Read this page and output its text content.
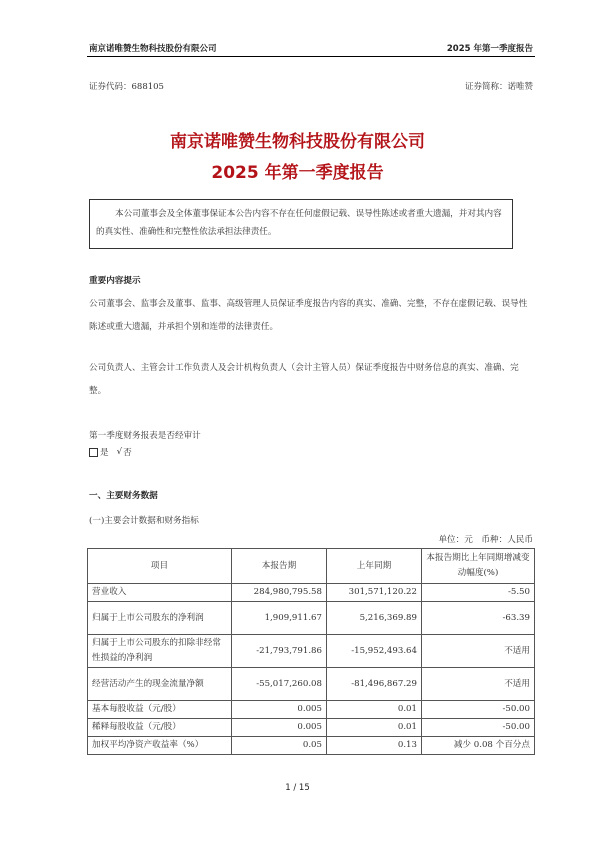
南京诺唯赞生物科技股份有限公司	2025 年第一季度报告
证券代码：688105	证券简称：诺唯赞
南京诺唯赞生物科技股份有限公司
2025 年第一季度报告
本公司董事会及全体董事保证本公告内容不存在任何虚假记载、误导性陈述或者重大遗漏，并对其内容的真实性、准确性和完整性依法承担法律责任。
重要内容提示
公司董事会、监事会及董事、监事、高级管理人员保证季度报告内容的真实、准确、完整，不存在虚假记载、误导性陈述或重大遗漏，并承担个别和连带的法律责任。
公司负责人、主管会计工作负责人及会计机构负责人（会计主管人员）保证季度报告中财务信息的真实、准确、完整。
第一季度财务报表是否经审计
是 √ 否
一、主要财务数据
(一)主要会计数据和财务指标
单位：元　币种：人民币
项目	本报告期	上年同期	本报告期比上年同期增减变动幅度(%)
营业收入	284,980,795.58	301,571,120.22	-5.50
归属于上市公司股东的净利润	1,909,911.67	5,216,369.89	-63.39
归属于上市公司股东的扣除非经常性损益的净利润	-21,793,791.86	-15,952,493.64	不适用
经营活动产生的现金流量净额	-55,017,260.08	-81,496,867.29	不适用
基本每股收益（元/股）	0.005	0.01	-50.00
稀释每股收益（元/股）	0.005	0.01	-50.00
加权平均净资产收益率（%）	0.05	0.13	减少 0.08 个百分点
1 / 15
